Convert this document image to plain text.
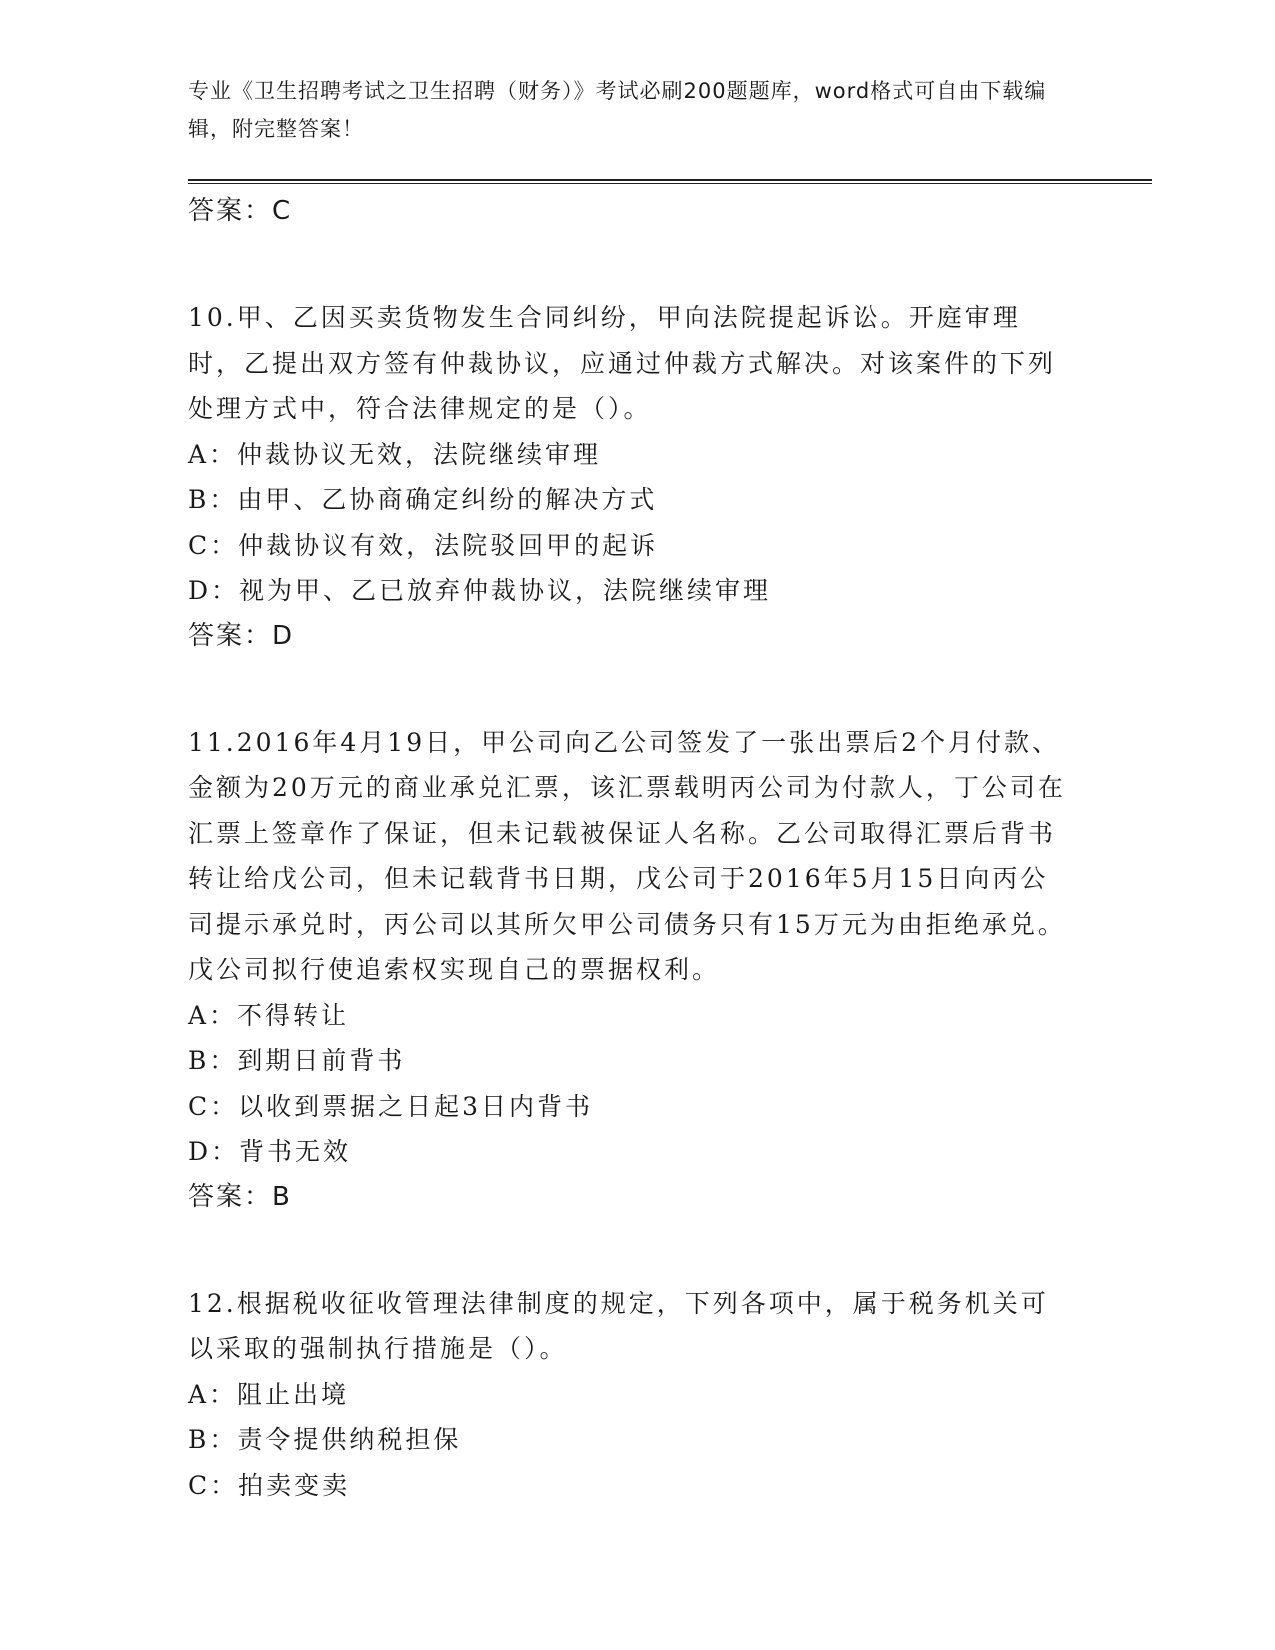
专业《卫生招聘考试之卫生招聘（财务）》考试必刷200题题库，word格式可自由下载编辑，附完整答案！
答案：C
10.甲、乙因买卖货物发生合同纠纷，甲向法院提起诉讼。开庭审理时，乙提出双方签有仲裁协议，应通过仲裁方式解决。对该案件的下列处理方式中，符合法律规定的是（）。
A：仲裁协议无效，法院继续审理
B：由甲、乙协商确定纠纷的解决方式
C：仲裁协议有效，法院驳回甲的起诉
D：视为甲、乙已放弃仲裁协议，法院继续审理
答案：D
11.2016年4月19日，甲公司向乙公司签发了一张出票后2个月付款、金额为20万元的商业承兑汇票，该汇票载明丙公司为付款人，丁公司在汇票上签章作了保证，但未记载被保证人名称。乙公司取得汇票后背书转让给戊公司，但未记载背书日期，戊公司于2016年5月15日向丙公司提示承兑时，丙公司以其所欠甲公司债务只有15万元为由拒绝承兑。戊公司拟行使追索权实现自己的票据权利。
A：不得转让
B：到期日前背书
C：以收到票据之日起3日内背书
D：背书无效
答案：B
12.根据税收征收管理法律制度的规定，下列各项中，属于税务机关可以采取的强制执行措施是（）。
A：阻止出境
B：责令提供纳税担保
C：拍卖变卖
